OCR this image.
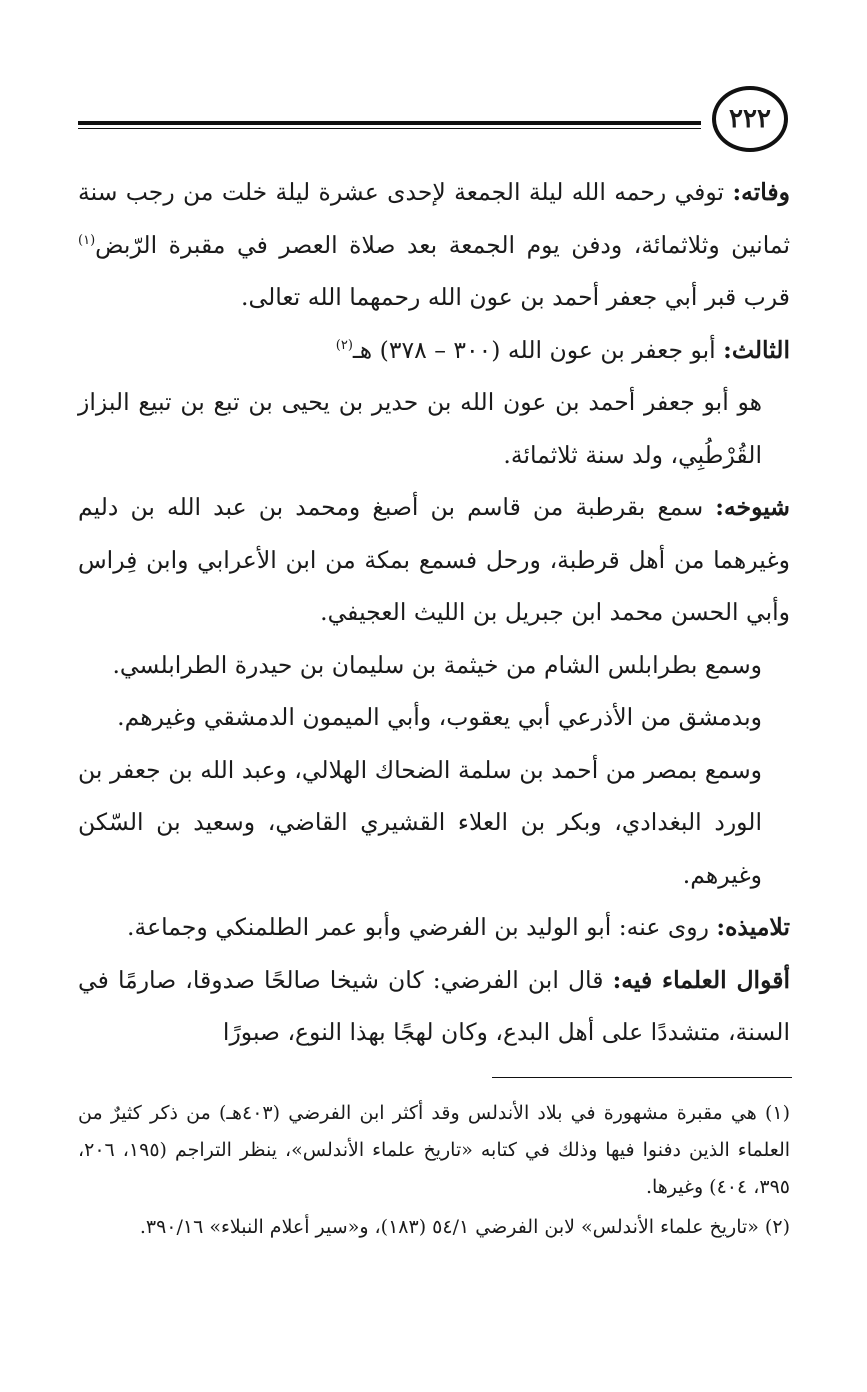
٢٢٢

وفاته: توفي رحمه الله ليلة الجمعة لإحدى عشرة ليلة خلت من رجب سنة ثمانين وثلاثمائة، ودفن يوم الجمعة بعد صلاة العصر في مقبرة الرّبض$^{(١)}$ قرب قبر أبي جعفر أحمد بن عون الله رحمهما الله تعالى.

الثالث: أبو جعفر بن عون الله (٣٠٠ – ٣٧٨) هـ$^{(٢)}$

هو أبو جعفر أحمد بن عون الله بن حدير بن يحيى بن تبع بن تبيع البزاز القُرْطُبِي، ولد سنة ثلاثمائة.

شيوخه: سمع بقرطبة من قاسم بن أصبغ ومحمد بن عبد الله بن دليم وغيرهما من أهل قرطبة، ورحل فسمع بمكة من ابن الأعرابي وابن فِراس وأبي الحسن محمد ابن جبريل بن الليث العجيفي.

وسمع بطرابلس الشام من خيثمة بن سليمان بن حيدرة الطرابلسي.

وبدمشق من الأذرعي أبي يعقوب، وأبي الميمون الدمشقي وغيرهم.

وسمع بمصر من أحمد بن سلمة الضحاك الهلالي، وعبد الله بن جعفر بن الورد البغدادي، وبكر بن العلاء القشيري القاضي، وسعيد بن السّكن وغيرهم.

تلاميذه: روى عنه: أبو الوليد بن الفرضي وأبو عمر الطلمنكي وجماعة.

أقوال العلماء فيه: قال ابن الفرضي: كان شيخا صالحًا صدوقا، صارمًا في السنة، متشددًا على أهل البدع، وكان لهجًا بهذا النوع، صبورًا

(١) هي مقبرة مشهورة في بلاد الأندلس وقد أكثر ابن الفرضي (٤٠٣هـ) من ذكر كثيرٌ من العلماء الذين دفنوا فيها وذلك في كتابه «تاريخ علماء الأندلس»، ينظر التراجم (١٩٥، ٢٠٦، ٣٩٥، ٤٠٤) وغيرها.

(٢) «تاريخ علماء الأندلس» لابن الفرضي ٥٤/١ (١٨٣)، و«سير أعلام النبلاء» ٣٩٠/١٦.
